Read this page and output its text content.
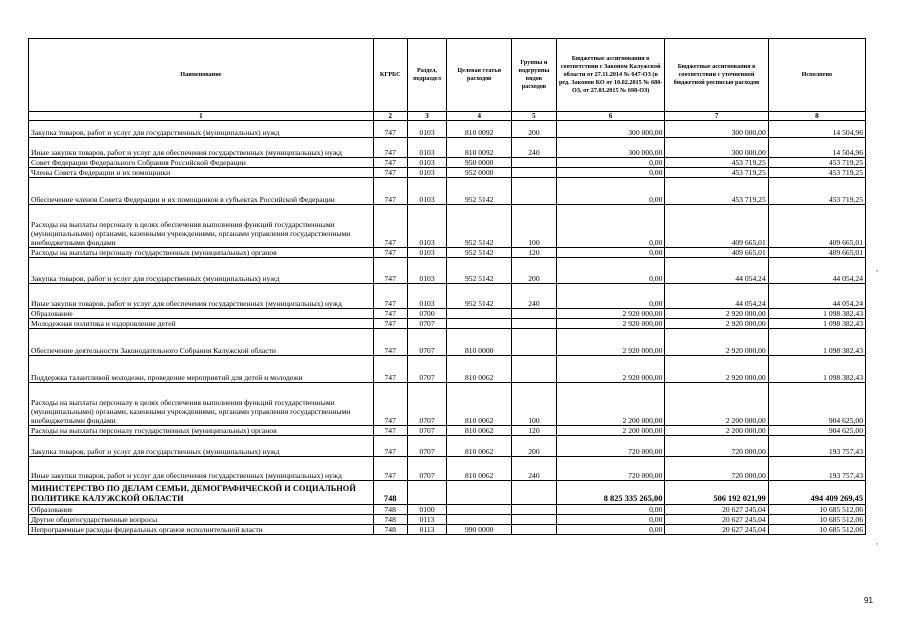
Наименование	КГРБС	Раздел, подраздел	Целевая статья расходов	Группы и подгруппы видов расходов	Бюджетные ассигнования в соответствии с Законом Калужской области от 27.11.2014 № 647-ОЗ (в ред. Законов КО от 10.02.2015 № 680-ОЗ, от 27.03.2015 № 698-ОЗ)	Бюджетные ассигнования в соответствии с уточненной бюджетной росписью расходов	Исполнено
1	2	3	4	5	6	7	8
Закупка товаров, работ и услуг для государственных (муниципальных) нужд	747	0103	810 0092	200	300 000,00	300 000,00	14 504,96
Иные закупки товаров, работ и услуг для обеспечения государственных (муниципальных) нужд	747	0103	810 0092	240	300 000,00	300 000,00	14 504,96
Совет Федерации Федерального Собрания Российской Федерации	747	0103	950 0000		0,00	453 719,25	453 719,25
Члены Совета Федерации и их помощники	747	0103	952 0000		0,00	453 719,25	453 719,25
Обеспечение членов Совета Федерации и их помощников в субъектах Российской Федерации	747	0103	952 5142		0,00	453 719,25	453 719,25
Расходы на выплаты персоналу в целях обеспечения выполнения функций государственными (муниципальными) органами, казенными учреждениями, органами управления государственными внебюджетными фондами	747	0103	952 5142	100	0,00	409 665,01	409 665,01
Расходы на выплаты персоналу государственных (муниципальных) органов	747	0103	952 5142	120	0,00	409 665,01	409 665,01
Закупка товаров, работ и услуг для государственных (муниципальных) нужд	747	0103	952 5142	200	0,00	44 054,24	44 054,24
Иные закупки товаров, работ и услуг для обеспечения государственных (муниципальных) нужд	747	0103	952 5142	240	0,00	44 054,24	44 054,24
Образование	747	0700			2 920 000,00	2 920 000,00	1 098 382,43
Молодежная политика и оздоровление детей	747	0707			2 920 000,00	2 920 000,00	1 098 382,43
Обеспечение деятельности Законодательного Собрания Калужской области	747	0707	810 0000		2 920 000,00	2 920 000,00	1 098 382,43
Поддержка талантливой молодежи, проведение мероприятий для детей и молодежи	747	0707	810 0062		2 920 000,00	2 920 000,00	1 098 382,43
Расходы на выплаты персоналу в целях обеспечения выполнения функций государственными (муниципальными) органами, казенными учреждениями, органами управления государственными внебюджетными фондами	747	0707	810 0062	100	2 200 000,00	2 200 000,00	904 625,00
Расходы на выплаты персоналу государственных (муниципальных) органов	747	0707	810 0062	120	2 200 000,00	2 200 000,00	904 625,00
Закупка товаров, работ и услуг для государственных (муниципальных) нужд	747	0707	810 0062	200	720 000,00	720 000,00	193 757,43
Иные закупки товаров, работ и услуг для обеспечения государственных (муниципальных) нужд	747	0707	810 0062	240	720 000,00	720 000,00	193 757,43
МИНИСТЕРСТВО ПО ДЕЛАМ СЕМЬИ, ДЕМОГРАФИЧЕСКОЙ И СОЦИАЛЬНОЙ ПОЛИТИКЕ КАЛУЖСКОЙ ОБЛАСТИ	748				8 825 335 265,00	506 192 021,99	494 409 269,45
Образование	748	0100			0,00	20 627 245,04	10 685 512,06
Другие общегосударственные вопросы	748	0113			0,00	20 627 245,04	10 685 512,06
Непрограммные расходы федеральных органов исполнительной власти	748	0113	990 0000		0,00	20 627 245,04	10 685 512,06
91
,
,
